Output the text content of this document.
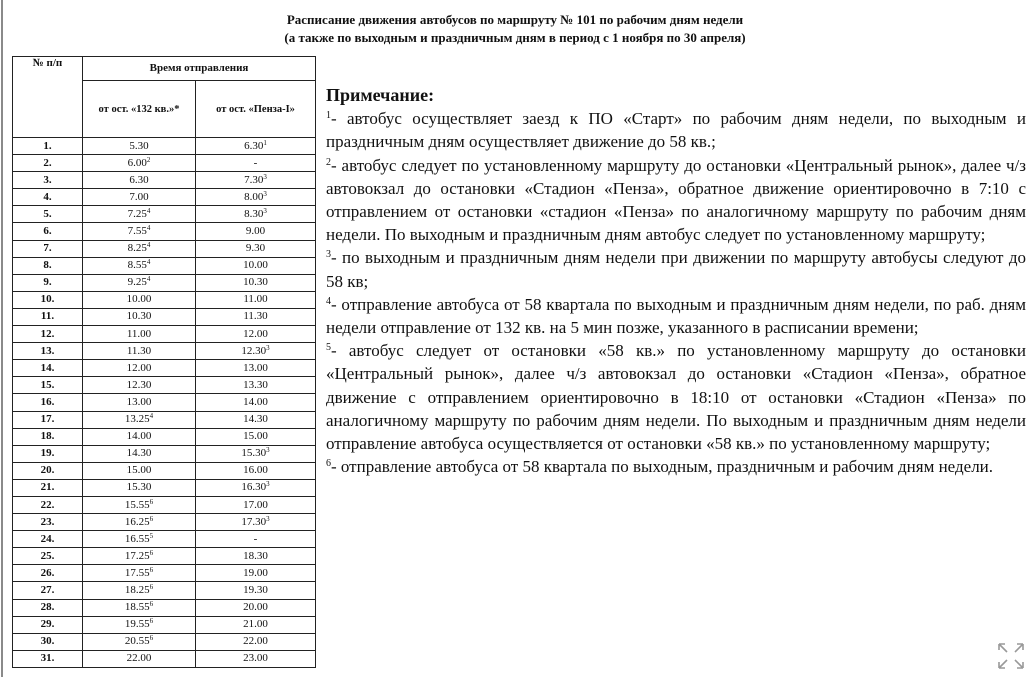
Расписание движения автобусов по маршруту № 101 по рабочим дням недели
(а также по выходным и праздничным дням в период с 1 ноября по 30 апреля)
№ п/п	Время отправления	
	от ост. «132 кв.»*	от ост. «Пенза-I»
1.	5.30	6.30$^1$
2.	6.00$^2$	-
3.	6.30	7.30$^3$
4.	7.00	8.00$^3$
5.	7.25$^4$	8.30$^3$
6.	7.55$^4$	9.00
7.	8.25$^4$	9.30
8.	8.55$^4$	10.00
9.	9.25$^4$	10.30
10.	10.00	11.00
11.	10.30	11.30
12.	11.00	12.00
13.	11.30	12.30$^3$
14.	12.00	13.00
15.	12.30	13.30
16.	13.00	14.00
17.	13.25$^4$	14.30
18.	14.00	15.00
19.	14.30	15.30$^3$
20.	15.00	16.00
21.	15.30	16.30$^3$
22.	15.55$^6$	17.00
23.	16.25$^6$	17.30$^3$
24.	16.55$^5$	-
25.	17.25$^6$	18.30
26.	17.55$^6$	19.00
27.	18.25$^6$	19.30
28.	18.55$^6$	20.00
29.	19.55$^6$	21.00
30.	20.55$^6$	22.00
31.	22.00	23.00
Примечание:

$^1$- автобус осуществляет заезд к ПО «Старт» по рабочим дням недели, по выходным и праздничным дням осуществляет движение до 58 кв.;

$^2$- автобус следует по установленному маршруту до остановки «Центральный рынок», далее ч/з автовокзал до остановки «Стадион «Пенза», обратное движение ориентировочно в 7:10 с отправлением от остановки «стадион «Пенза» по аналогичному маршруту по рабочим дням недели. По выходным и праздничным дням автобус следует по установленному маршруту;

$^3$- по выходным и праздничным дням недели при движении по маршруту автобусы следуют до 58 кв;

$^4$- отправление автобуса от 58 квартала по выходным и праздничным дням недели, по раб. дням недели отправление от 132 кв. на 5 мин позже, указанного в расписании времени;

$^5$- автобус следует от остановки «58 кв.» по установленному маршруту до остановки «Центральный рынок», далее ч/з автовокзал до остановки «Стадион «Пенза», обратное движение с отправлением ориентировочно в 18:10 от остановки «Стадион «Пенза» по аналогичному маршруту по рабочим дням недели. По выходным и праздничным дням недели отправление автобуса осуществляется от остановки «58 кв.» по установленному маршруту;

$^6$- отправление автобуса от 58 квартала по выходным, праздничным и рабочим дням недели.
